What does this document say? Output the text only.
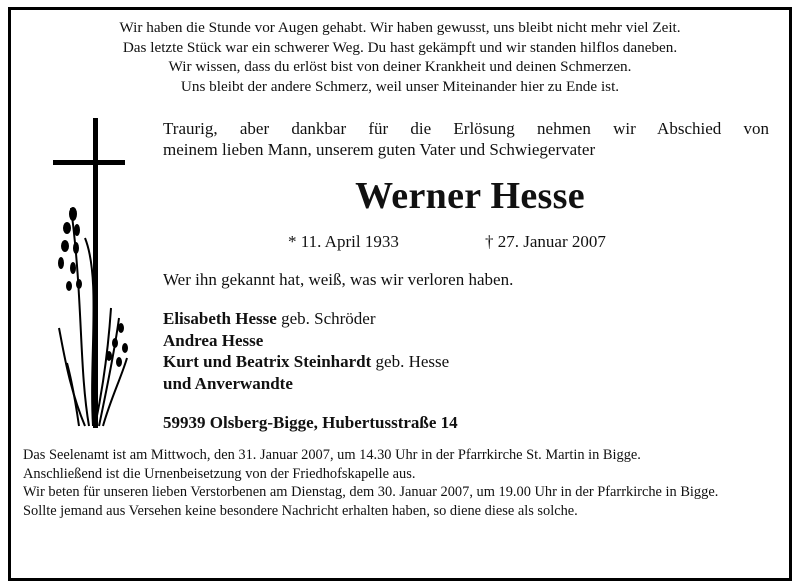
Wir haben die Stunde vor Augen gehabt. Wir haben gewusst, uns bleibt nicht mehr viel Zeit.
Das letzte Stück war ein schwerer Weg. Du hast gekämpft und wir standen hilflos daneben.
Wir wissen, dass du erlöst bist von deiner Krankheit und deinen Schmerzen.
Uns bleibt der andere Schmerz, weil unser Miteinander hier zu Ende ist.
Traurig, aber dankbar für die Erlösung nehmen wir Abschied von
meinem lieben Mann, unserem guten Vater und Schwiegervater
Werner Hesse
* 11. April 1933	† 27. Januar 2007
Wer ihn gekannt hat, weiß, was wir verloren haben.
Elisabeth Hesse geb. Schröder
Andrea Hesse
Kurt und Beatrix Steinhardt geb. Hesse
und Anverwandte
59939 Olsberg-Bigge, Hubertusstraße 14

Das Seelenamt ist am Mittwoch, den 31. Januar 2007, um 14.30 Uhr in der Pfarrkirche St. Martin in Bigge.

Anschließend ist die Urnenbeisetzung von der Friedhofskapelle aus.

Wir beten für unseren lieben Verstorbenen am Dienstag, dem 30. Januar 2007, um 19.00 Uhr in der Pfarrkirche in Bigge.

Sollte jemand aus Versehen keine besondere Nachricht erhalten haben, so diene diese als solche.
